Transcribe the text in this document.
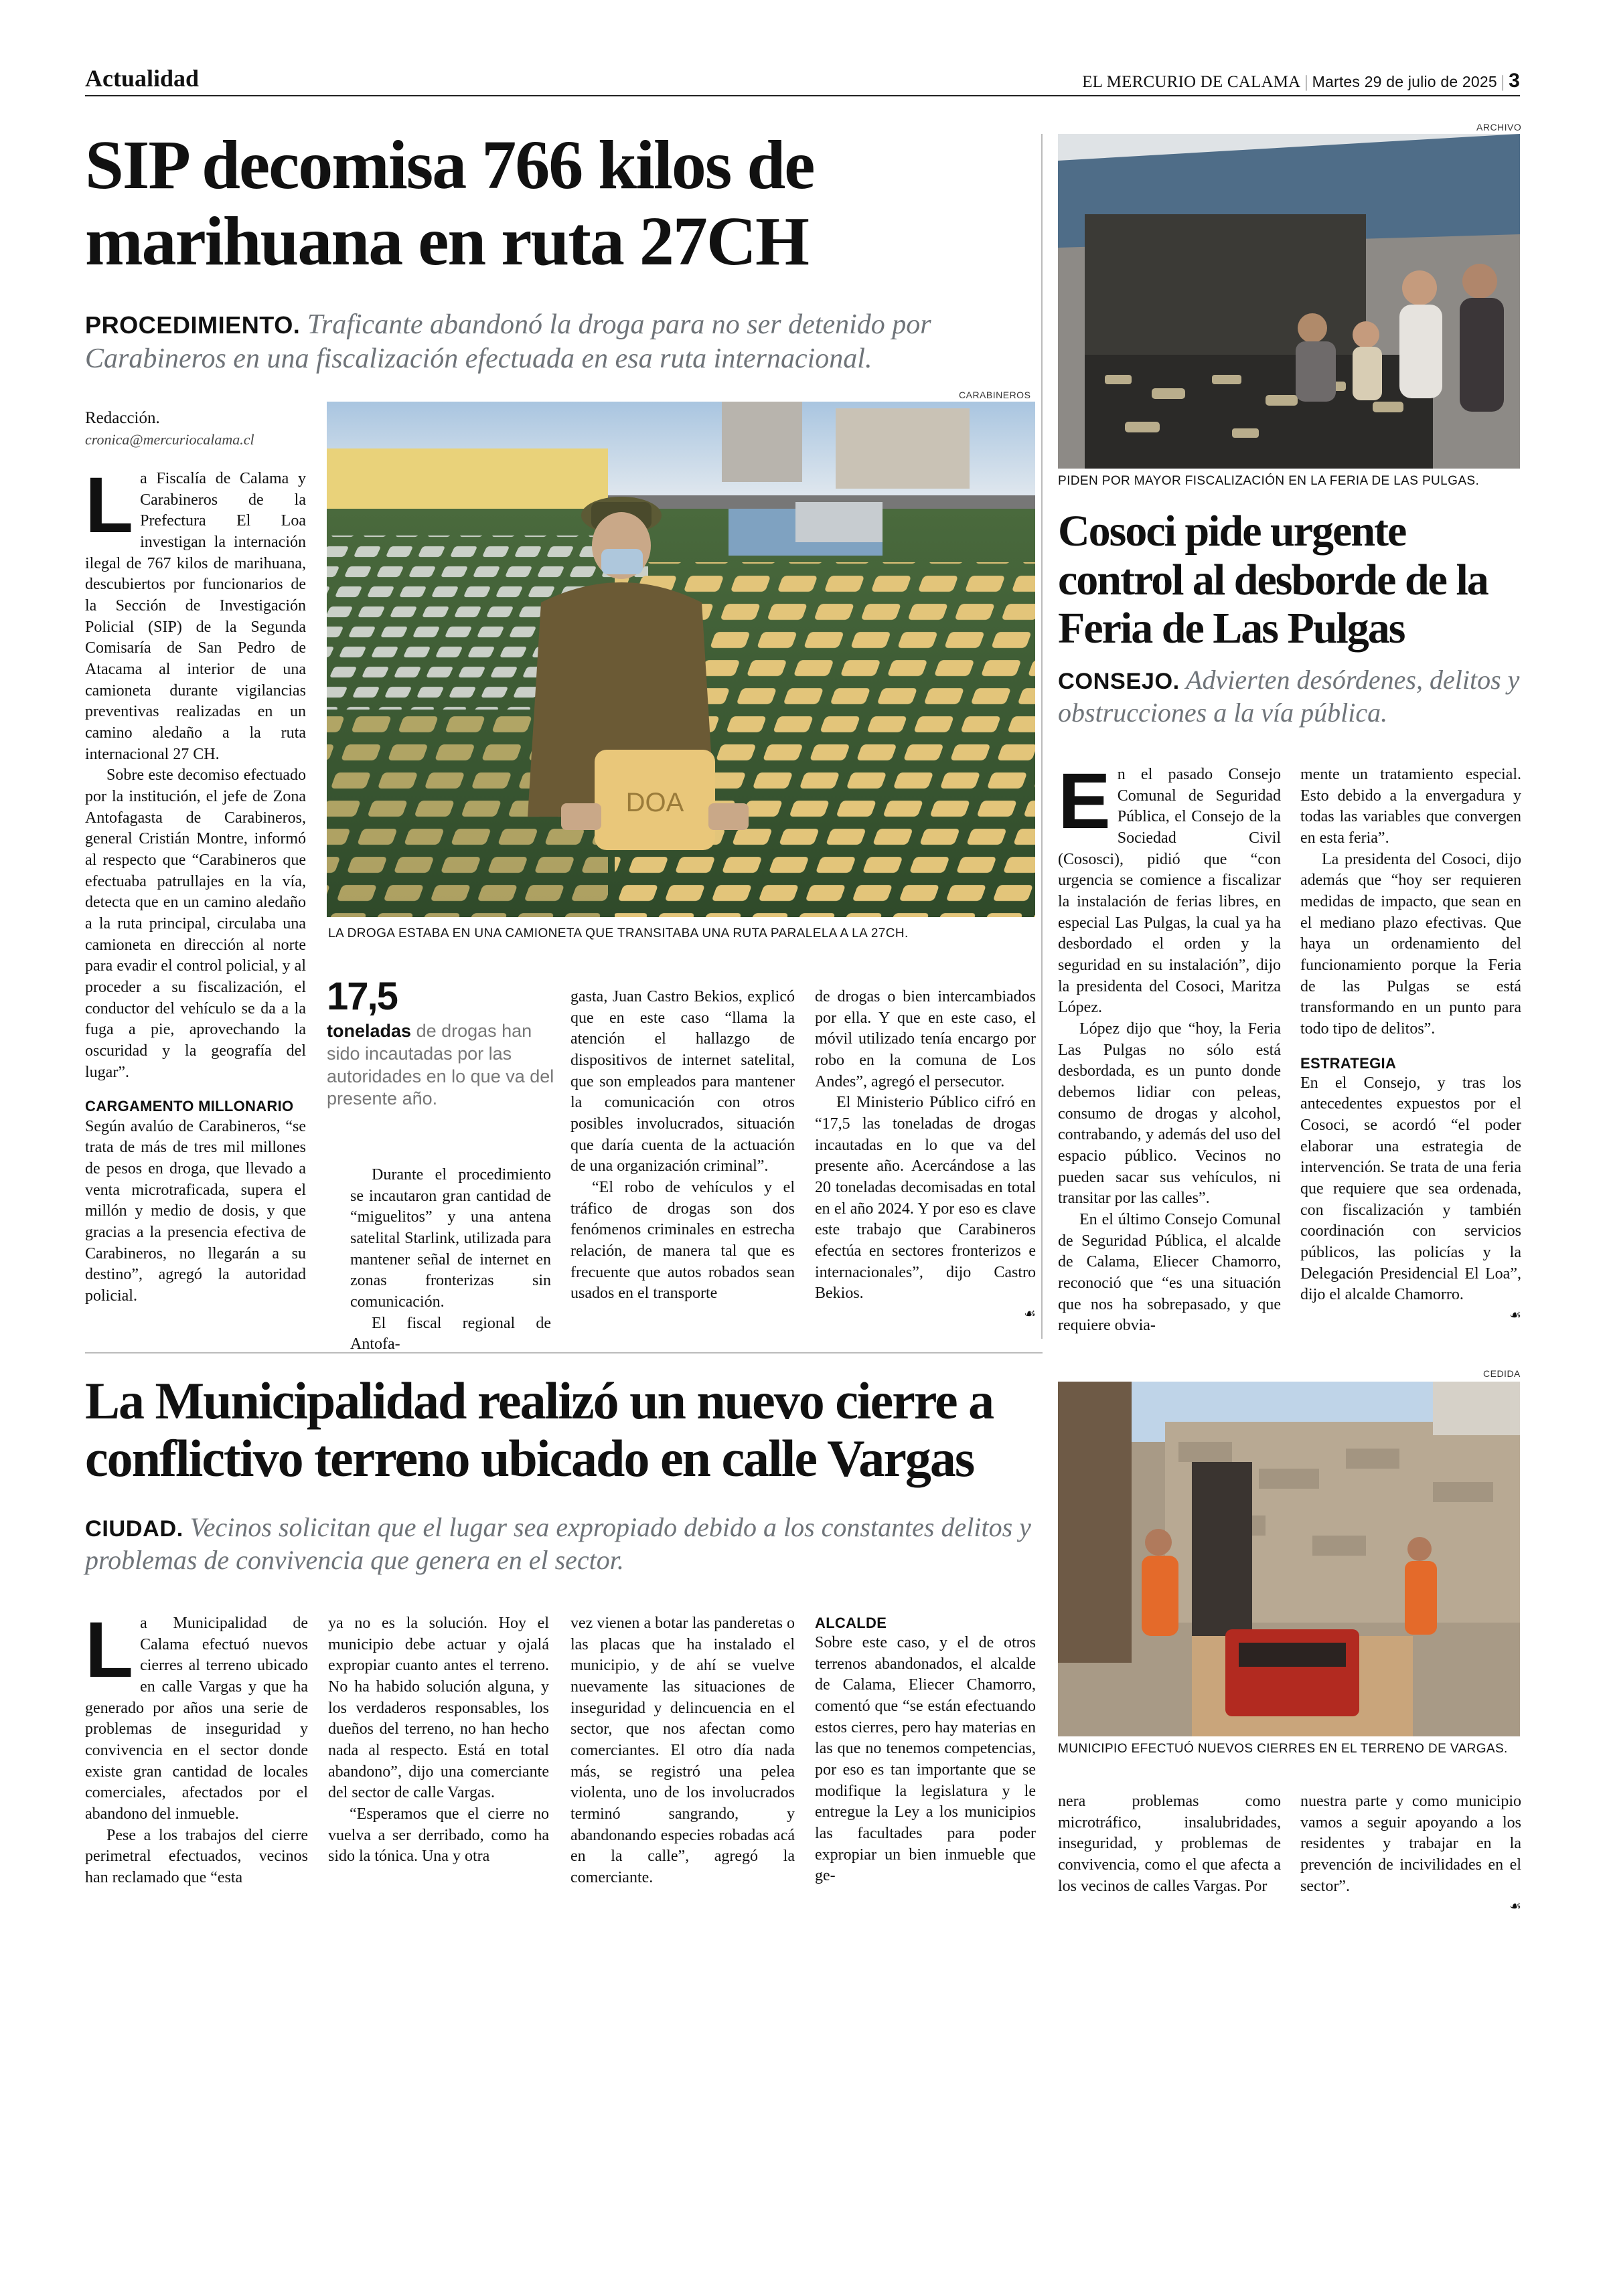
Actualidad	EL MERCURIO DE CALAMA | Martes 29 de julio de 2025 | 3
SIP decomisa 766 kilos de marihuana en ruta 27CH
PROCEDIMIENTO. Traficante abandonó la droga para no ser detenido por Carabineros en una fiscalización efectuada en esa ruta internacional.
Redacción.
cronica@mercuriocalama.cl
CARABINEROS
DOA
LA DROGA ESTABA EN UNA CAMIONETA QUE TRANSITABA UNA RUTA PARALELA A LA 27CH.

La Fiscalía de Calama y Carabineros de la Prefectura El Loa investigan la internación ilegal de 767 kilos de marihuana, descubiertos por funcionarios de la Sección de Investigación Policial (SIP) de la Segunda Comisaría de San Pedro de Atacama al interior de una camioneta durante vigilancias preventivas realizadas en un camino aledaño a la ruta internacional 27 CH.

Sobre este decomiso efectuado por la institución, el jefe de Zona Antofagasta de Carabineros, general Cristián Montre, informó al respecto que “Carabineros que efectuaba patrullajes en la vía, detecta que en un camino aledaño a la ruta principal, circulaba una camioneta en dirección al norte para evadir el control policial, y al proceder a su fiscalización, el conductor del vehículo se da a la fuga a pie, aprovechando la oscuridad y la geografía del lugar”.

CARGAMENTO MILLONARIO

Según avalúo de Carabineros, “se trata de más de tres mil millones de pesos en droga, que llevado a venta microtraficada, supera el millón y medio de dosis, y que gracias a la presencia efectiva de Carabineros, no llegarán a su destino”, agregó la autoridad policial.

17,5
toneladas de drogas han sido incautadas por las autoridades en lo que va del presente año.

Durante el procedimiento se incautaron gran cantidad de “miguelitos” y una antena satelital Starlink, utilizada para mantener señal de internet en zonas fronterizas sin comunicación.

El fiscal regional de Antofa-

gasta, Juan Castro Bekios, explicó que en este caso “llama la atención el hallazgo de dispositivos de internet satelital, que son empleados para mantener la comunicación con otros posibles involucrados, situación que daría cuenta de la actuación de una organización criminal”.

“El robo de vehículos y el tráfico de drogas son dos fenómenos criminales en estrecha relación, de manera tal que es frecuente que autos robados sean usados en el transporte

de drogas o bien intercambiados por ella. Y que en este caso, el móvil utilizado tenía encargo por robo en la comuna de Los Andes”, agregó el persecutor.

El Ministerio Público cifró en “17,5 las toneladas de drogas incautadas en lo que va del presente año. Acercándose a las 20 toneladas decomisadas en total en el año 2024. Y por eso es clave este trabajo que Carabineros efectúa en sectores fronterizos e internacionales”, dijo Castro Bekios.

☙
ARCHIVO
PIDEN POR MAYOR FISCALIZACIÓN EN LA FERIA DE LAS PULGAS.
Cosoci pide urgente control al desborde de la Feria de Las Pulgas
CONSEJO. Advierten desórdenes, delitos y obstrucciones a la vía pública.

En el pasado Consejo Comunal de Seguridad Pública, el Consejo de la Sociedad Civil (Cososci), pidió que “con urgencia se comience a fiscalizar la instalación de ferias libres, en especial Las Pulgas, la cual ya ha desbordado el orden y la seguridad en su instalación”, dijo la presidenta del Cosoci, Maritza López.

López dijo que “hoy, la Feria Las Pulgas no sólo está desbordada, es un punto donde debemos lidiar con peleas, consumo de drogas y alcohol, contrabando, y además del uso del espacio público. Vecinos no pueden sacar sus vehículos, ni transitar por las calles”.

En el último Consejo Comunal de Seguridad Pública, el alcalde de Calama, Eliecer Chamorro, reconoció que “es una situación que nos ha sobrepasado, y que requiere obvia-

mente un tratamiento especial. Esto debido a la envergadura y todas las variables que convergen en esta feria”.

La presidenta del Cosoci, dijo además que “hoy ser requieren medidas de impacto, que sean en el mediano plazo efectivas. Que haya un ordenamiento del funcionamiento porque la Feria de las Pulgas se está transformando en un punto para todo tipo de delitos”.

ESTRATEGIA

En el Consejo, y tras los antecedentes expuestos por el Cosoci, se acordó “el poder elaborar una estrategia de intervención. Se trata de una feria que requiere que sea ordenada, con fiscalización y también coordinación con servicios públicos, las policías y la Delegación Presidencial El Loa”, dijo el alcalde Chamorro.

☙
La Municipalidad realizó un nuevo cierre a conflictivo terreno ubicado en calle Vargas
CIUDAD. Vecinos solicitan que el lugar sea expropiado debido a los constantes delitos y problemas de convivencia que genera en el sector.
CEDIDA
MUNICIPIO EFECTUÓ NUEVOS CIERRES EN EL TERRENO DE VARGAS.

La Municipalidad de Calama efectuó nuevos cierres al terreno ubicado en calle Vargas y que ha generado por años una serie de problemas de inseguridad y convivencia en el sector donde existe gran cantidad de locales comerciales, afectados por el abandono del inmueble.

Pese a los trabajos del cierre perimetral efectuados, vecinos han reclamado que “esta

ya no es la solución. Hoy el municipio debe actuar y ojalá expropiar cuanto antes el terreno. No ha habido solución alguna, y los verdaderos responsables, los dueños del terreno, no han hecho nada al respecto. Está en total abandono”, dijo una comerciante del sector de calle Vargas.

“Esperamos que el cierre no vuelva a ser derribado, como ha sido la tónica. Una y otra

vez vienen a botar las panderetas o las placas que ha instalado el municipio, y de ahí se vuelve nuevamente las situaciones de inseguridad y delincuencia en el sector, que nos afectan como comerciantes. El otro día nada más, se registró una pelea violenta, uno de los involucrados terminó sangrando, y abandonando especies robadas acá en la calle”, agregó la comerciante.

ALCALDE

Sobre este caso, y el de otros terrenos abandonados, el alcalde de Calama, Eliecer Chamorro, comentó que “se están efectuando estos cierres, pero hay materias en las que no tenemos competencias, por eso es tan importante que se modifique la legislatura y le entregue la Ley a los municipios las facultades para poder expropiar un bien inmueble que ge-

nera problemas como microtráfico, insalubridades, inseguridad, y problemas de convivencia, como el que afecta a los vecinos de calles Vargas. Por

nuestra parte y como municipio vamos a seguir apoyando a los residentes y trabajar en la prevención de incivilidades en el sector”.

☙
